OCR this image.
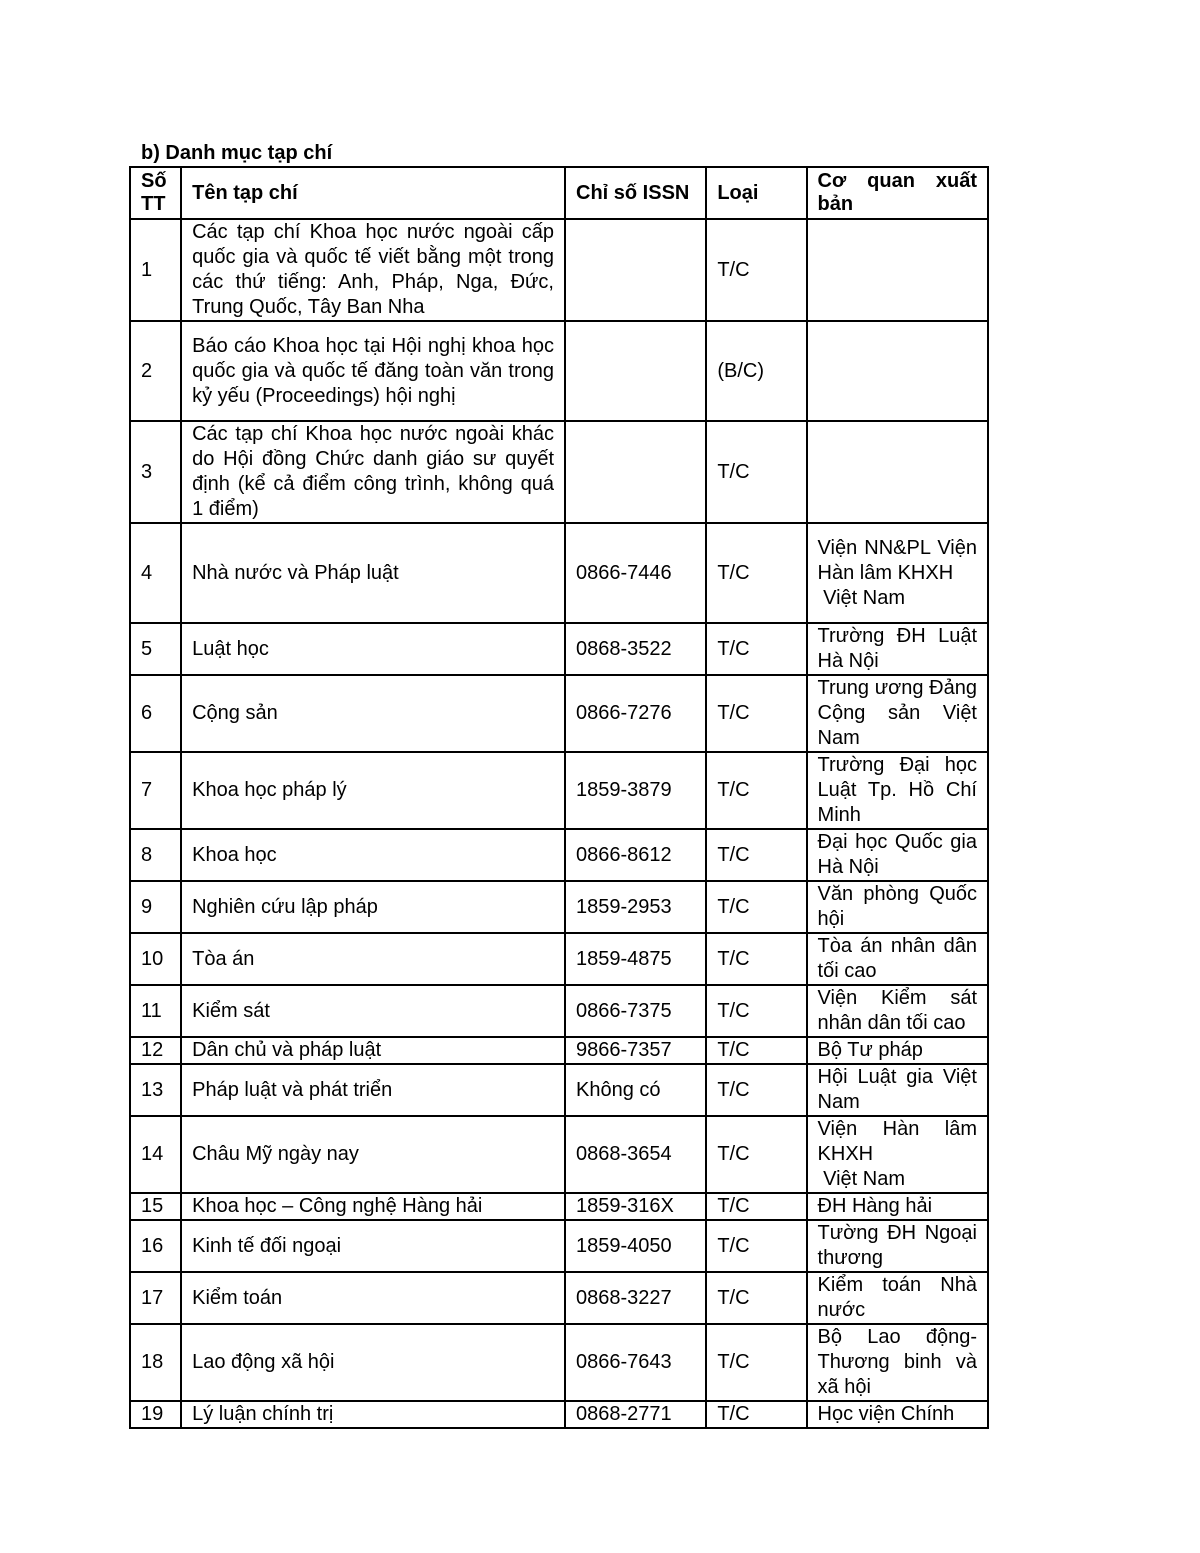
b) Danh mục tạp chí
Số TT	Tên tạp chí	Chỉ số ISSN	Loại	Cơ quan xuất bản
1	Các tạp chí Khoa học nước ngoài cấp quốc gia và quốc tế viết bằng một trong các thứ tiếng: Anh, Pháp, Nga, Đức, Trung Quốc, Tây Ban Nha		T/C	
2	Báo cáo Khoa học tại Hội nghị khoa học quốc gia và quốc tế đăng toàn văn trong kỷ yếu (Proceedings) hội nghị		(B/C)	
3	Các tạp chí Khoa học nước ngoài khác do Hội đồng Chức danh giáo sư quyết định (kể cả điểm công trình, không quá 1 điểm)		T/C	
4	Nhà nước và Pháp luật	0866-7446	T/C	Viện NN&PL Viện Hàn lâm KHXH
Việt Nam

5	Luật học	0868-3522	T/C	Trường ĐH Luật Hà Nội
6	Cộng sản	0866-7276	T/C	Trung ương Đảng Cộng sản Việt Nam
7	Khoa học pháp lý	1859-3879	T/C	Trường Đại học Luật Tp. Hồ Chí Minh
8	Khoa học	0866-8612	T/C	Đại học Quốc gia Hà Nội
9	Nghiên cứu lập pháp	1859-2953	T/C	Văn phòng Quốc hội
10	Tòa án	1859-4875	T/C	Tòa án nhân dân tối cao
11	Kiểm sát	0866-7375	T/C	Viện Kiểm sát nhân dân tối cao
12	Dân chủ và pháp luật	9866-7357	T/C	Bộ Tư pháp
13	Pháp luật và phát triển	Không có	T/C	Hội Luật gia Việt Nam
14	Châu Mỹ ngày nay	0868-3654	T/C	Viện Hàn lâm KHXH
Việt Nam

15	Khoa học – Công nghệ Hàng hải	1859-316X	T/C	ĐH Hàng hải
16	Kinh tế đối ngoại	1859-4050	T/C	Tường ĐH Ngoại thương
17	Kiểm toán	0868-3227	T/C	Kiểm toán Nhà nước
18	Lao động xã hội	0866-7643	T/C	Bộ Lao động-Thương binh và xã hội
19	Lý luận chính trị	0868-2771	T/C	Học viện Chính
